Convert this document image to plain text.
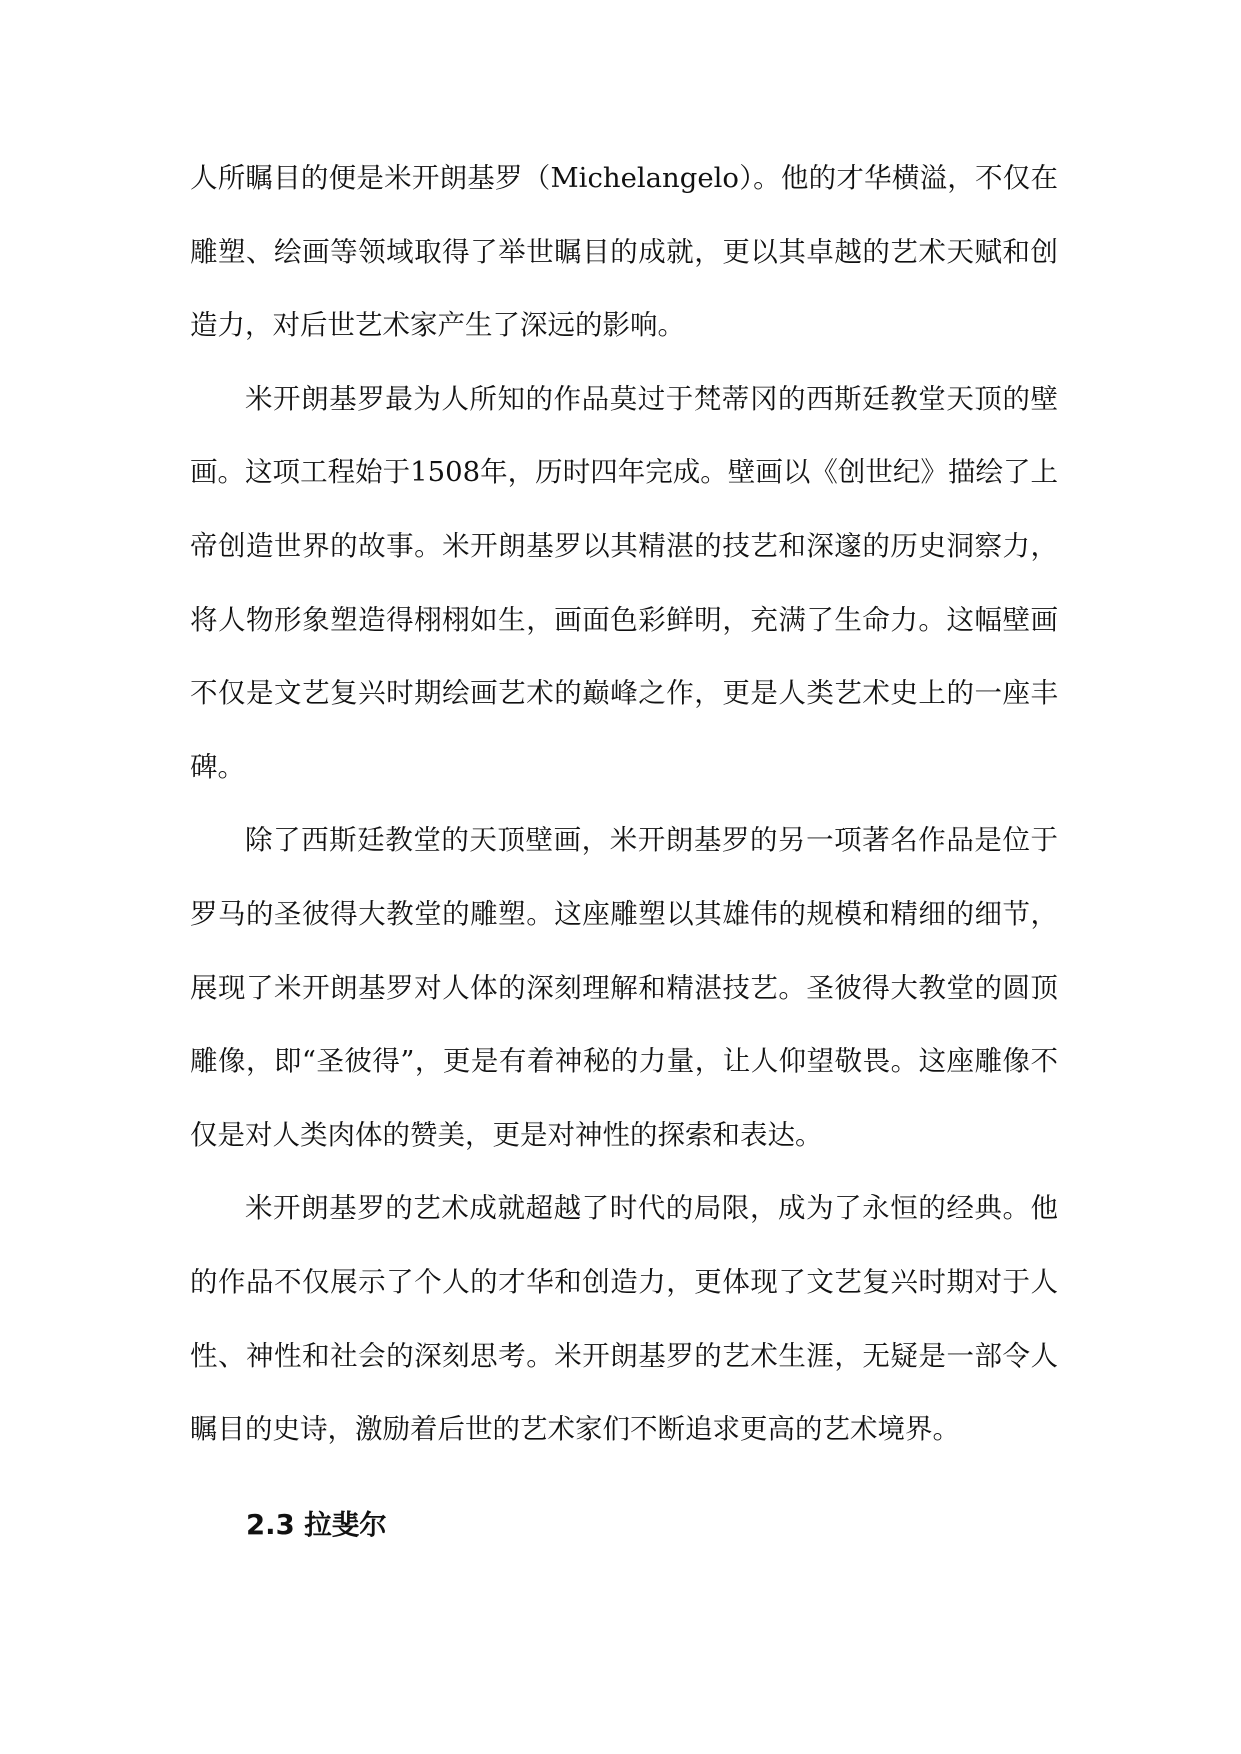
人所瞩目的便是米开朗基罗（Michelangelo）。他的才华横溢，不仅在雕塑、绘画等领域取得了举世瞩目的成就，更以其卓越的艺术天赋和创造力，对后世艺术家产生了深远的影响。

米开朗基罗最为人所知的作品莫过于梵蒂冈的西斯廷教堂天顶的壁画。这项工程始于1508年，历时四年完成。壁画以《创世纪》描绘了上帝创造世界的故事。米开朗基罗以其精湛的技艺和深邃的历史洞察力，将人物形象塑造得栩栩如生，画面色彩鲜明，充满了生命力。这幅壁画不仅是文艺复兴时期绘画艺术的巅峰之作，更是人类艺术史上的一座丰碑。

除了西斯廷教堂的天顶壁画，米开朗基罗的另一项著名作品是位于罗马的圣彼得大教堂的雕塑。这座雕塑以其雄伟的规模和精细的细节，展现了米开朗基罗对人体的深刻理解和精湛技艺。圣彼得大教堂的圆顶雕像，即“圣彼得”，更是有着神秘的力量，让人仰望敬畏。这座雕像不仅是对人类肉体的赞美，更是对神性的探索和表达。

米开朗基罗的艺术成就超越了时代的局限，成为了永恒的经典。他的作品不仅展示了个人的才华和创造力，更体现了文艺复兴时期对于人性、神性和社会的深刻思考。米开朗基罗的艺术生涯，无疑是一部令人瞩目的史诗，激励着后世的艺术家们不断追求更高的艺术境界。

2.3 拉斐尔
